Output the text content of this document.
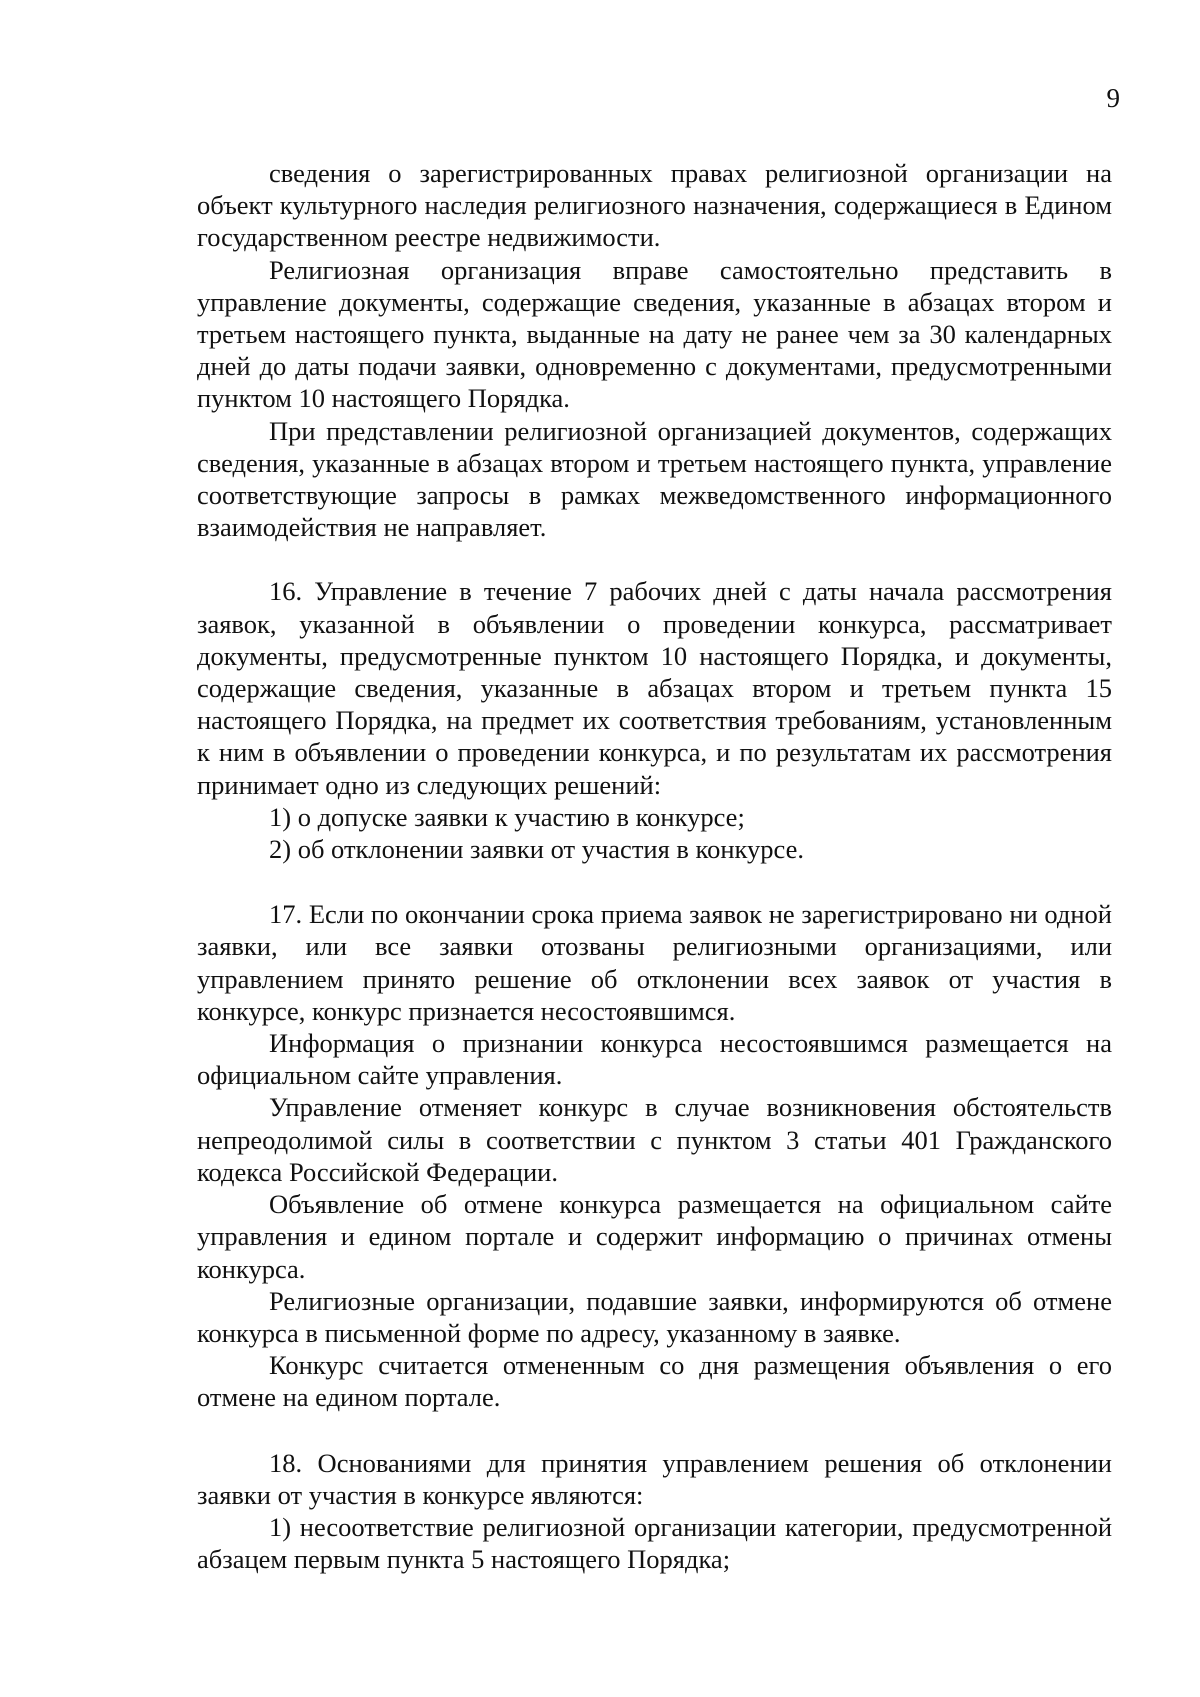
9

сведения о зарегистрированных правах религиозной организации на объект культурного наследия религиозного назначения, содержащиеся в Едином государственном реестре недвижимости.

Религиозная организация вправе самостоятельно представить в управление документы, содержащие сведения, указанные в абзацах втором и третьем настоящего пункта, выданные на дату не ранее чем за 30 календарных дней до даты подачи заявки, одновременно с документами, предусмотренными пунктом 10 настоящего Порядка.

При представлении религиозной организацией документов, содержащих сведения, указанные в абзацах втором и третьем настоящего пункта, управление соответствующие запросы в рамках межведомственного информационного взаимодействия не направляет.

16. Управление в течение 7 рабочих дней с даты начала рассмотрения заявок, указанной в объявлении о проведении конкурса, рассматривает документы, предусмотренные пунктом 10 настоящего Порядка, и документы, содержащие сведения, указанные в абзацах втором и третьем пункта 15 настоящего Порядка, на предмет их соответствия требованиям, установленным к ним в объявлении о проведении конкурса, и по результатам их рассмотрения принимает одно из следующих решений:

1) о допуске заявки к участию в конкурсе;

2) об отклонении заявки от участия в конкурсе.

17. Если по окончании срока приема заявок не зарегистрировано ни одной заявки, или все заявки отозваны религиозными организациями, или управлением принято решение об отклонении всех заявок от участия в конкурсе, конкурс признается несостоявшимся.

Информация о признании конкурса несостоявшимся размещается на официальном сайте управления.

Управление отменяет конкурс в случае возникновения обстоятельств непреодолимой силы в соответствии с пунктом 3 статьи 401 Гражданского кодекса Российской Федерации.

Объявление об отмене конкурса размещается на официальном сайте управления и едином портале и содержит информацию о причинах отмены конкурса.

Религиозные организации, подавшие заявки, информируются об отмене конкурса в письменной форме по адресу, указанному в заявке.

Конкурс считается отмененным со дня размещения объявления о его отмене на едином портале.

18. Основаниями для принятия управлением решения об отклонении заявки от участия в конкурсе являются:

1) несоответствие религиозной организации категории, предусмотренной абзацем первым пункта 5 настоящего Порядка;
